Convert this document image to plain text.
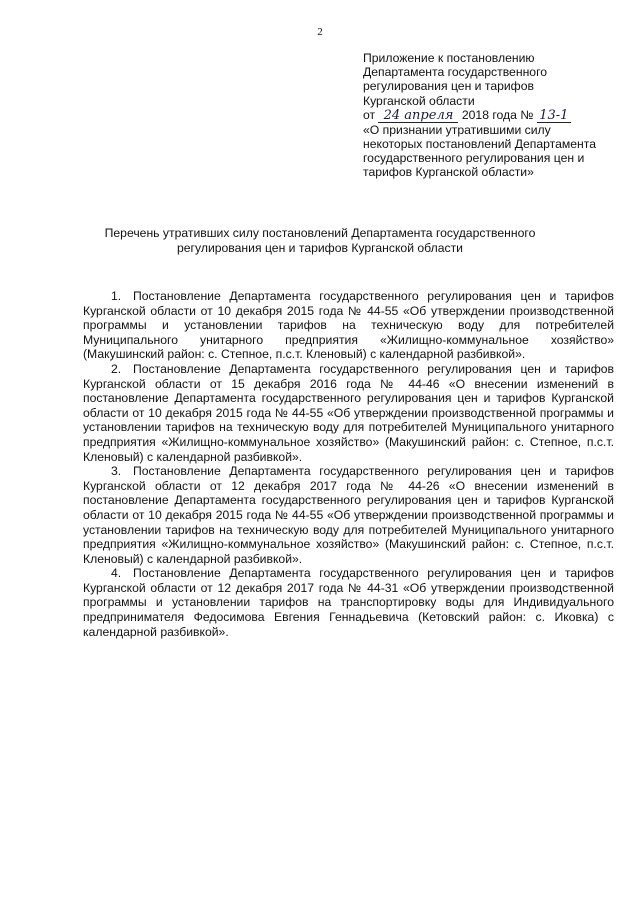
2
Приложение к постановлению
Департамента государственного
регулирования цен и тарифов
Курганской области
от 24 апреля 2018 года № 13-1
«О признании утратившими силу
некоторых постановлений Департамента
государственного регулирования цен и
тарифов Курганской области»
Перечень утративших силу постановлений Департамента государственного
регулирования цен и тарифов Курганской области

1. Постановление Департамента государственного регулирования цен и тарифов Курганской области от 10 декабря 2015 года № 44-55 «Об утверждении производственной программы и установлении тарифов на техническую воду для потребителей Муниципального унитарного предприятия «Жилищно-коммунальное хозяйство» (Макушинский район: с. Степное, п.с.т. Кленовый) с календарной разбивкой».

2. Постановление Департамента государственного регулирования цен и тарифов Курганской области от 15 декабря 2016 года № 44-46 «О внесении изменений в постановление Департамента государственного регулирования цен и тарифов Курганской области от 10 декабря 2015 года № 44-55 «Об утверждении производственной программы и установлении тарифов на техническую воду для потребителей Муниципального унитарного предприятия «Жилищно-коммунальное хозяйство» (Макушинский район: с. Степное, п.с.т. Кленовый) с календарной разбивкой».

3. Постановление Департамента государственного регулирования цен и тарифов Курганской области от 12 декабря 2017 года № 44-26 «О внесении изменений в постановление Департамента государственного регулирования цен и тарифов Курганской области от 10 декабря 2015 года № 44-55 «Об утверждении производственной программы и установлении тарифов на техническую воду для потребителей Муниципального унитарного предприятия «Жилищно-коммунальное хозяйство» (Макушинский район: с. Степное, п.с.т. Кленовый) с календарной разбивкой».

4. Постановление Департамента государственного регулирования цен и тарифов Курганской области от 12 декабря 2017 года № 44-31 «Об утверждении производственной программы и установлении тарифов на транспортировку воды для Индивидуального предпринимателя Федосимова Евгения Геннадьевича (Кетовский район: с. Иковка) с календарной разбивкой».
